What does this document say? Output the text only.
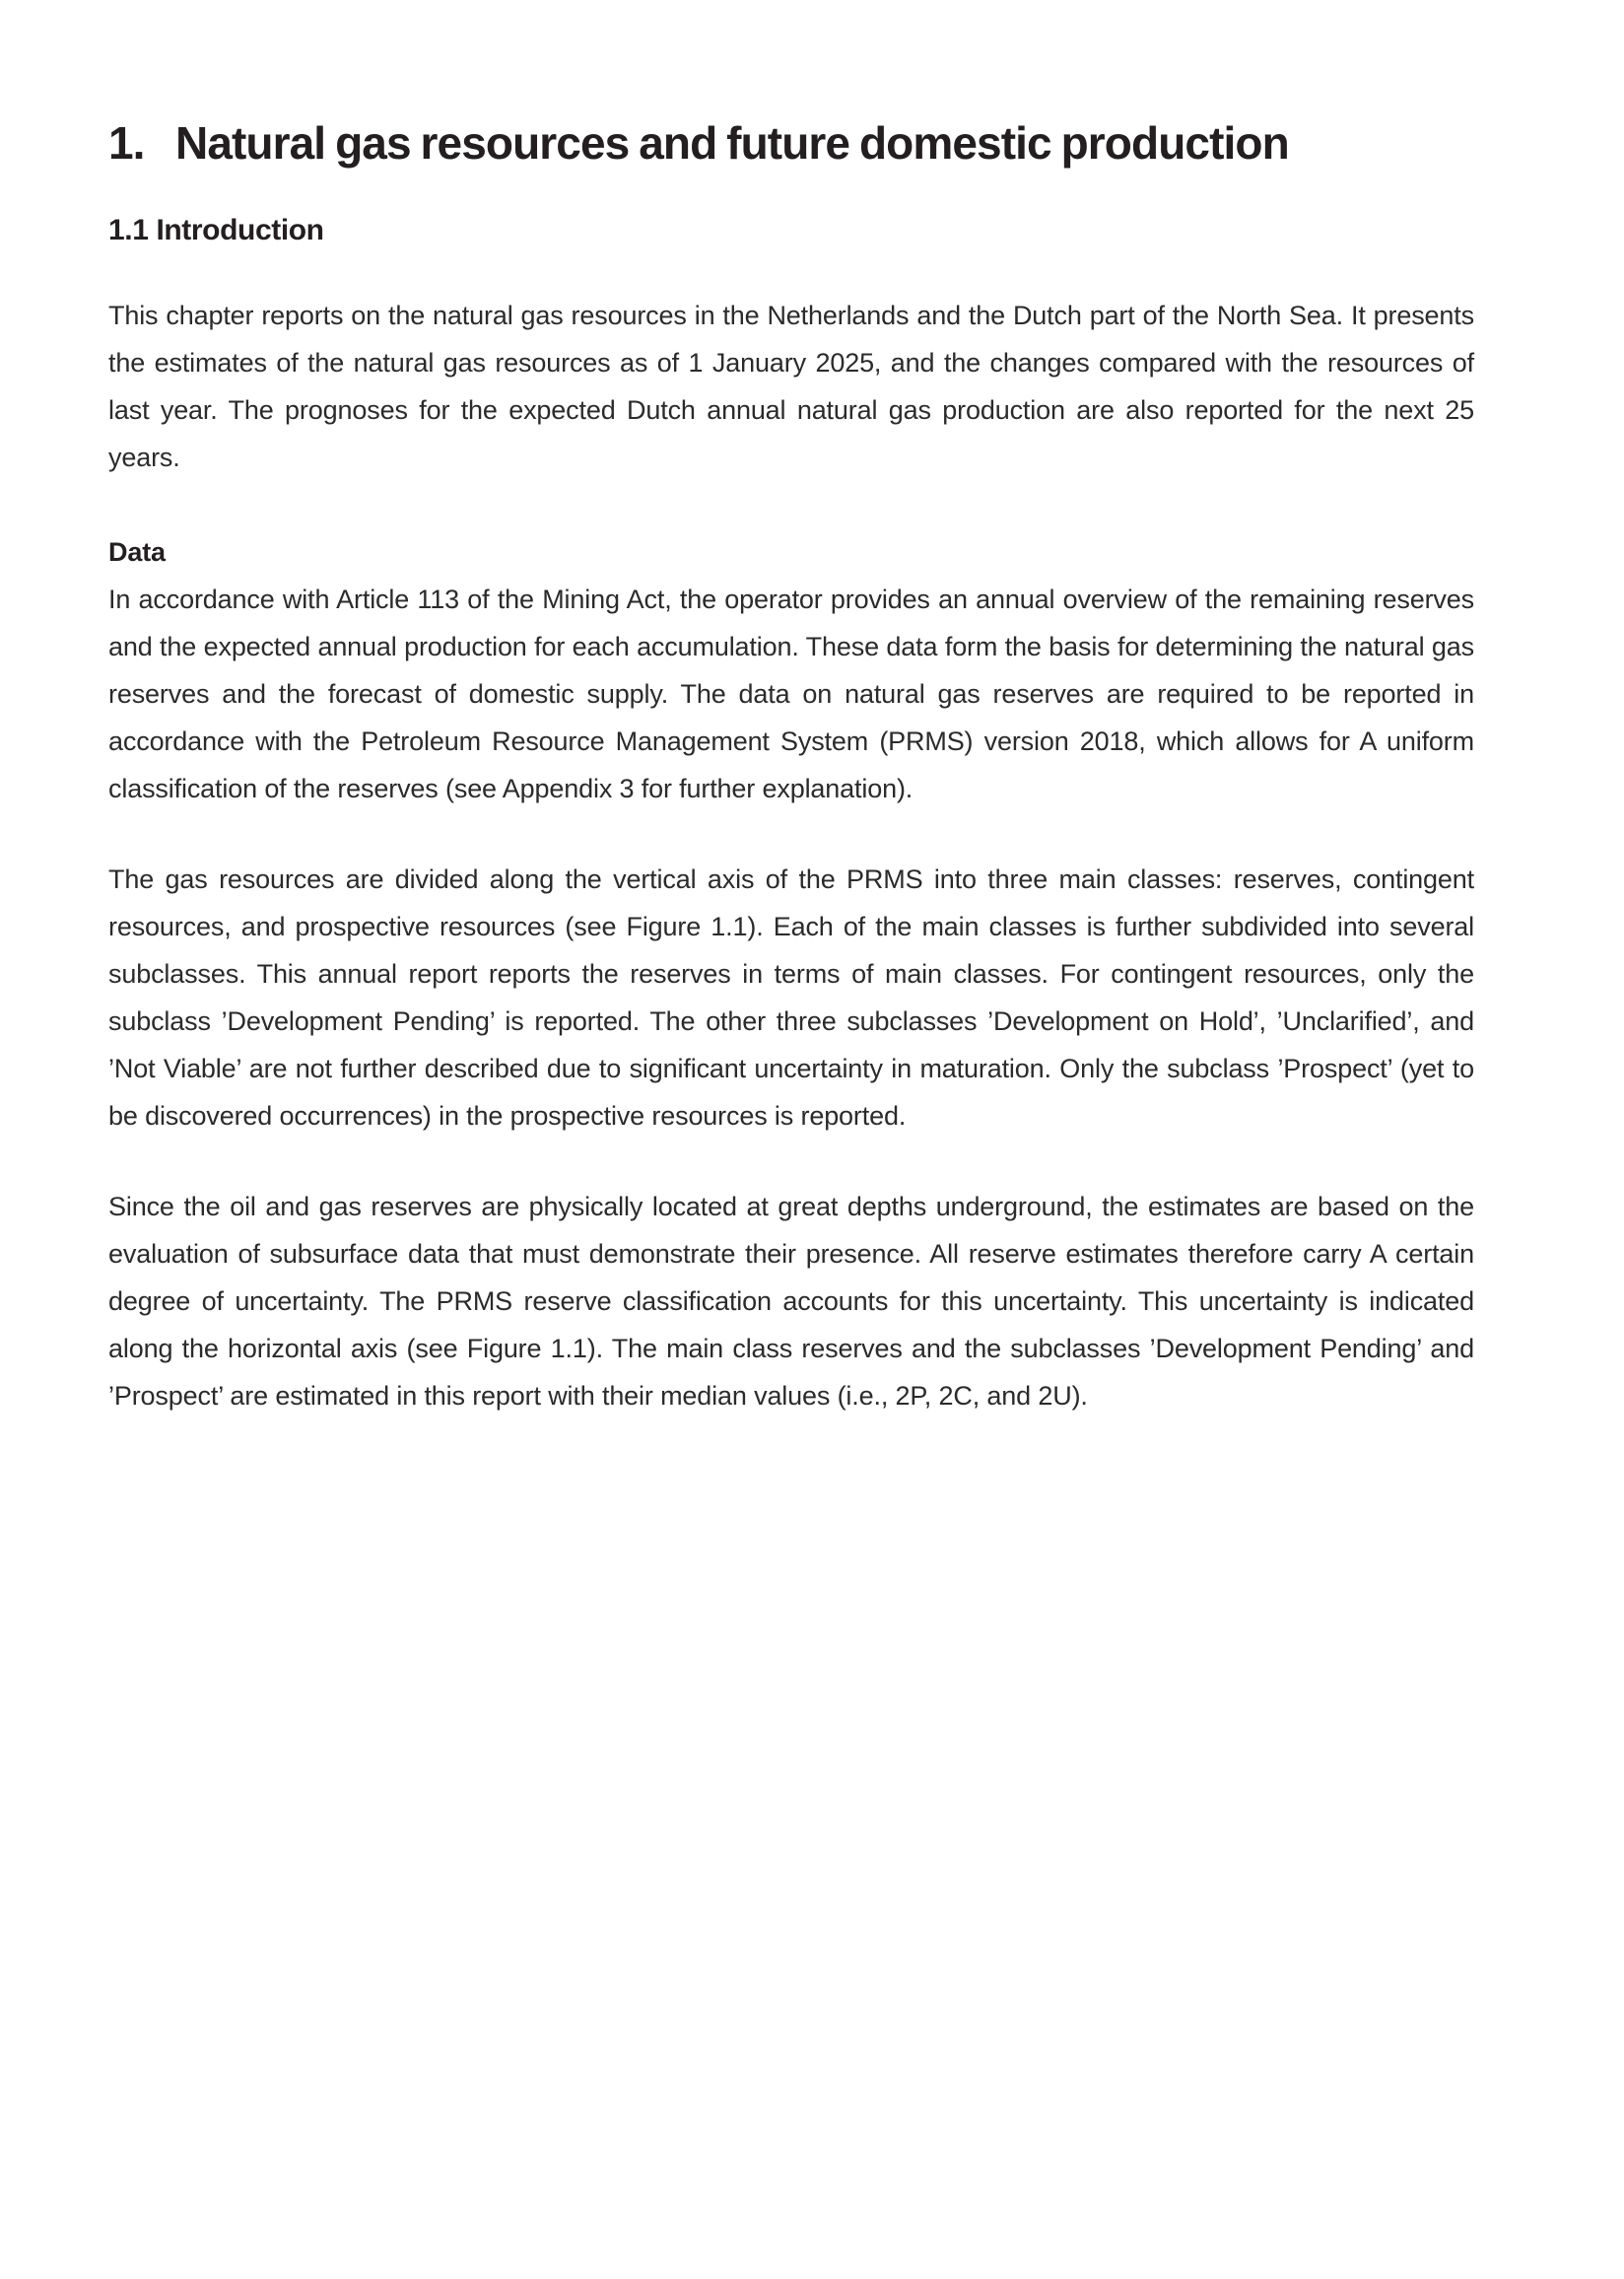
1. Natural gas resources and future domestic production
1.1 Introduction

This chapter reports on the natural gas resources in the Netherlands and the Dutch part of the North Sea. It presents the estimates of the natural gas resources as of 1 January 2025, and the changes compared with the resources of last year. The prognoses for the expected Dutch annual natural gas production are also reported for the next 25 years.

Data

In accordance with Article 113 of the Mining Act, the operator provides an annual overview of the remaining reserves and the expected annual production for each accumulation. These data form the basis for determining the natural gas reserves and the forecast of domestic supply. The data on natural gas reserves are required to be reported in accordance with the Petroleum Resource Management System (PRMS) version 2018, which allows for A uniform classification of the reserves (see Appendix 3 for further explanation).

The gas resources are divided along the vertical axis of the PRMS into three main classes: reserves, contingent resources, and prospective resources (see Figure 1.1). Each of the main classes is further subdivided into several subclasses. This annual report reports the reserves in terms of main classes. For contingent resources, only the subclass ’Development Pending’ is reported. The other three subclasses ’Development on Hold’, ’Unclarified’, and ’Not Viable’ are not further described due to significant uncertainty in maturation. Only the subclass ’Prospect’ (yet to be discovered occurrences) in the prospective resources is reported.

Since the oil and gas reserves are physically located at great depths underground, the estimates are based on the evaluation of subsurface data that must demonstrate their presence. All reserve estimates therefore carry A certain degree of uncertainty. The PRMS reserve classification accounts for this uncertainty. This uncertainty is indicated along the horizontal axis (see Figure 1.1). The main class reserves and the subclasses ’Development Pending’ and ’Prospect’ are estimated in this report with their median values (i.e., 2P, 2C, and 2U).
